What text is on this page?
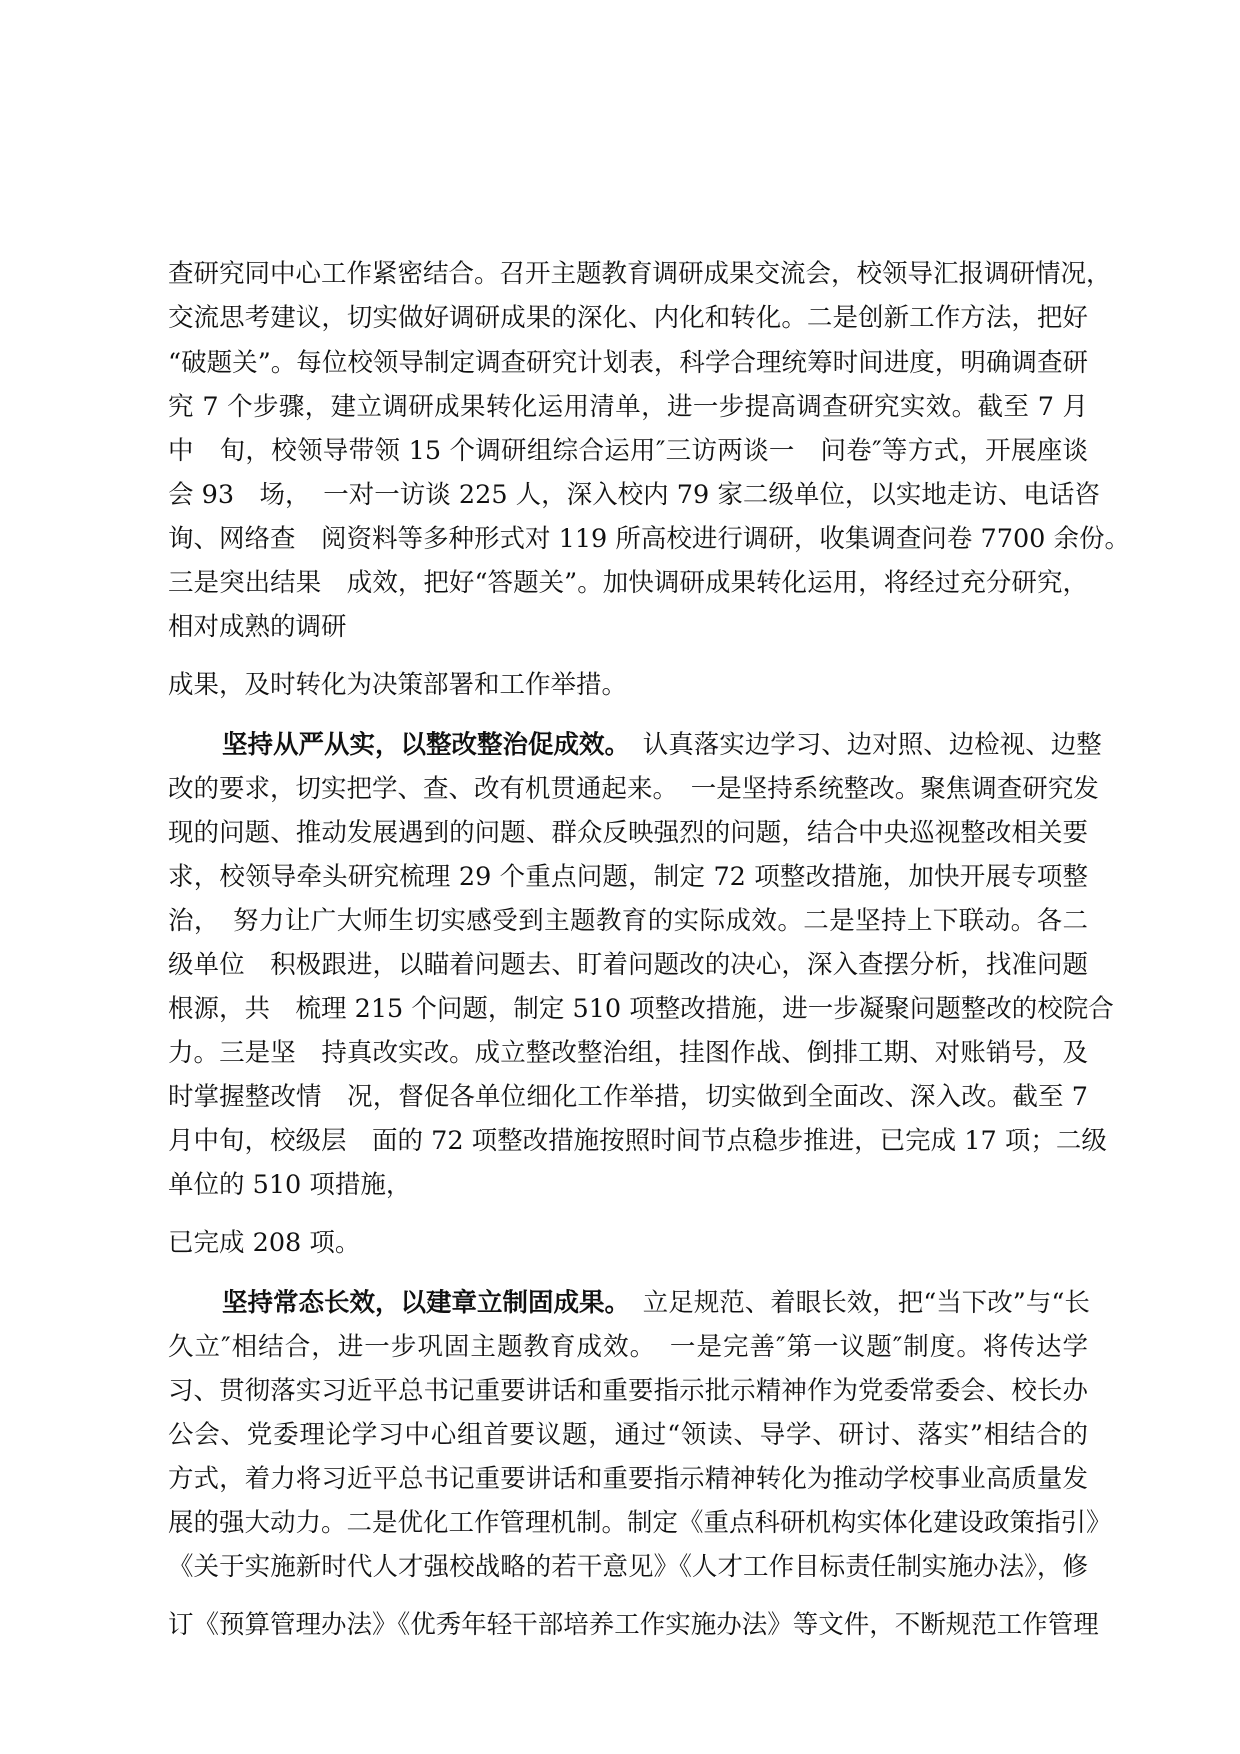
查研究同中心工作紧密结合。召开主题教育调研成果交流会，校领导汇报调研情况，
交流思考建议，切实做好调研成果的深化、内化和转化。二是创新工作方法，把好
“破题关”。每位校领导制定调查研究计划表，科学合理统筹时间进度，明确调查研
究 7 个步骤，建立调研成果转化运用清单，进一步提高调查研究实效。截至 7 月
中　旬，校领导带领 15 个调研组综合运用″三访两谈一　问卷″等方式，开展座谈
会 93　场，　一对一访谈 225 人，深入校内 79 家二级单位，以实地走访、电话咨
询、网络查　阅资料等多种形式对 119 所高校进行调研，收集调查问卷 7700 余份。
三是突出结果　成效，把好“答题关”。加快调研成果转化运用，将经过充分研究，
相对成熟的调研
成果，及时转化为决策部署和工作举措。
坚持从严从实，以整改整治促成效。　认真落实边学习、边对照、边检视、边整
改的要求，切实把学、查、改有机贯通起来。　一是坚持系统整改。聚焦调查研究发
现的问题、推动发展遇到的问题、群众反映强烈的问题，结合中央巡视整改相关要
求，校领导牵头研究梳理 29 个重点问题，制定 72 项整改措施，加快开展专项整
治，　努力让广大师生切实感受到主题教育的实际成效。二是坚持上下联动。各二
级单位　积极跟进，以瞄着问题去、盯着问题改的决心，深入查摆分析，找准问题
根源，共　梳理 215 个问题，制定 510 项整改措施，进一步凝聚问题整改的校院合
力。三是坚　持真改实改。成立整改整治组，挂图作战、倒排工期、对账销号，及
时掌握整改情　况，督促各单位细化工作举措，切实做到全面改、深入改。截至 7
月中旬，校级层　面的 72 项整改措施按照时间节点稳步推进，已完成 17 项；二级
单位的 510 项措施，
已完成 208 项。
坚持常态长效，以建章立制固成果。　立足规范、着眼长效，把“当下改”与“长
久立″相结合，进一步巩固主题教育成效。　一是完善″第一议题″制度。将传达学
习、贯彻落实习近平总书记重要讲话和重要指示批示精神作为党委常委会、校长办
公会、党委理论学习中心组首要议题，通过“领读、导学、研讨、落实”相结合的
方式，着力将习近平总书记重要讲话和重要指示精神转化为推动学校事业高质量发
展的强大动力。二是优化工作管理机制。制定《重点科研机构实体化建设政策指引》
《关于实施新时代人才强校战略的若干意见》《人才工作目标责任制实施办法》，修
订《预算管理办法》《优秀年轻干部培养工作实施办法》等文件，不断规范工作管理
